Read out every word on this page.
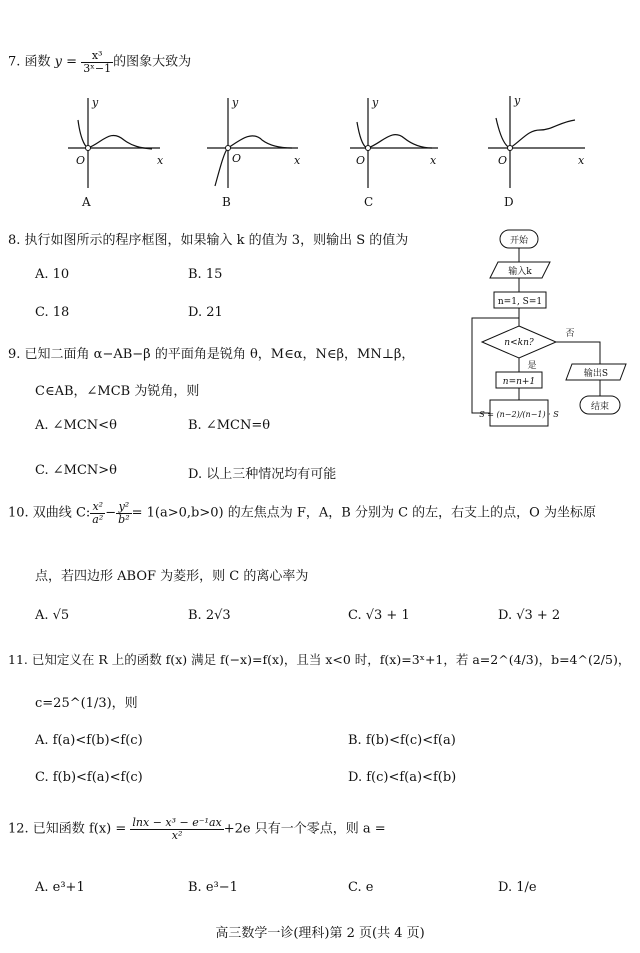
7. 函数 $y = \frac{\text{x³}}{\text{3ˣ−1}}$ 的图象大致为
y
x
O
y
x
O
y
x
O
y
x
O
A	B	C	D
8. 执行如图所示的程序框图，如果输入 k 的值为 3，则输出 S 的值为
A. 10	B. 15
C. 18	D. 21
开始
输入k
n=1, S=1
n<kn?
是
否
n=n+1
S = (n−2)/(n−1) · S
输出S
结束
9. 已知二面角 α−AB−β 的平面角是锐角 θ，M∈α，N∈β，MN⊥β，
C∈AB，∠MCB 为锐角，则
A. ∠MCN<θ	B. ∠MCN=θ
C. ∠MCN>θ	D. 以上三种情况均有可能
10. 双曲线 C: $\frac{\text{x²}}{\text{a²}} - \frac{\text{y²}}{\text{b²}} = 1(a>0,b>0)$ 的左焦点为 F，A，B 分别为 C 的左，右支上的点，O 为坐标原
点，若四边形 ABOF 为菱形，则 C 的离心率为
A. √5	B. 2√3	C. √3 + 1	D. √3 + 2
11. 已知定义在 R 上的函数 f(x) 满足 f(−x)=f(x)，且当 x<0 时，f(x)=3ˣ+1，若 a=2^(4/3)，b=4^(2/5)，
c=25^(1/3)，则
A. f(a)<f(b)<f(c)	B. f(b)<f(c)<f(a)
C. f(b)<f(a)<f(c)	D. f(c)<f(a)<f(b)
12. 已知函数 $f(x) = \frac{\text{lnx − x³ − e⁻¹ax}}{\text{x²}} +2e$ 只有一个零点，则 a =
A. e³+1	B. e³−1	C. e	D. 1/e
高三数学一诊(理科)第 2 页(共 4 页)
